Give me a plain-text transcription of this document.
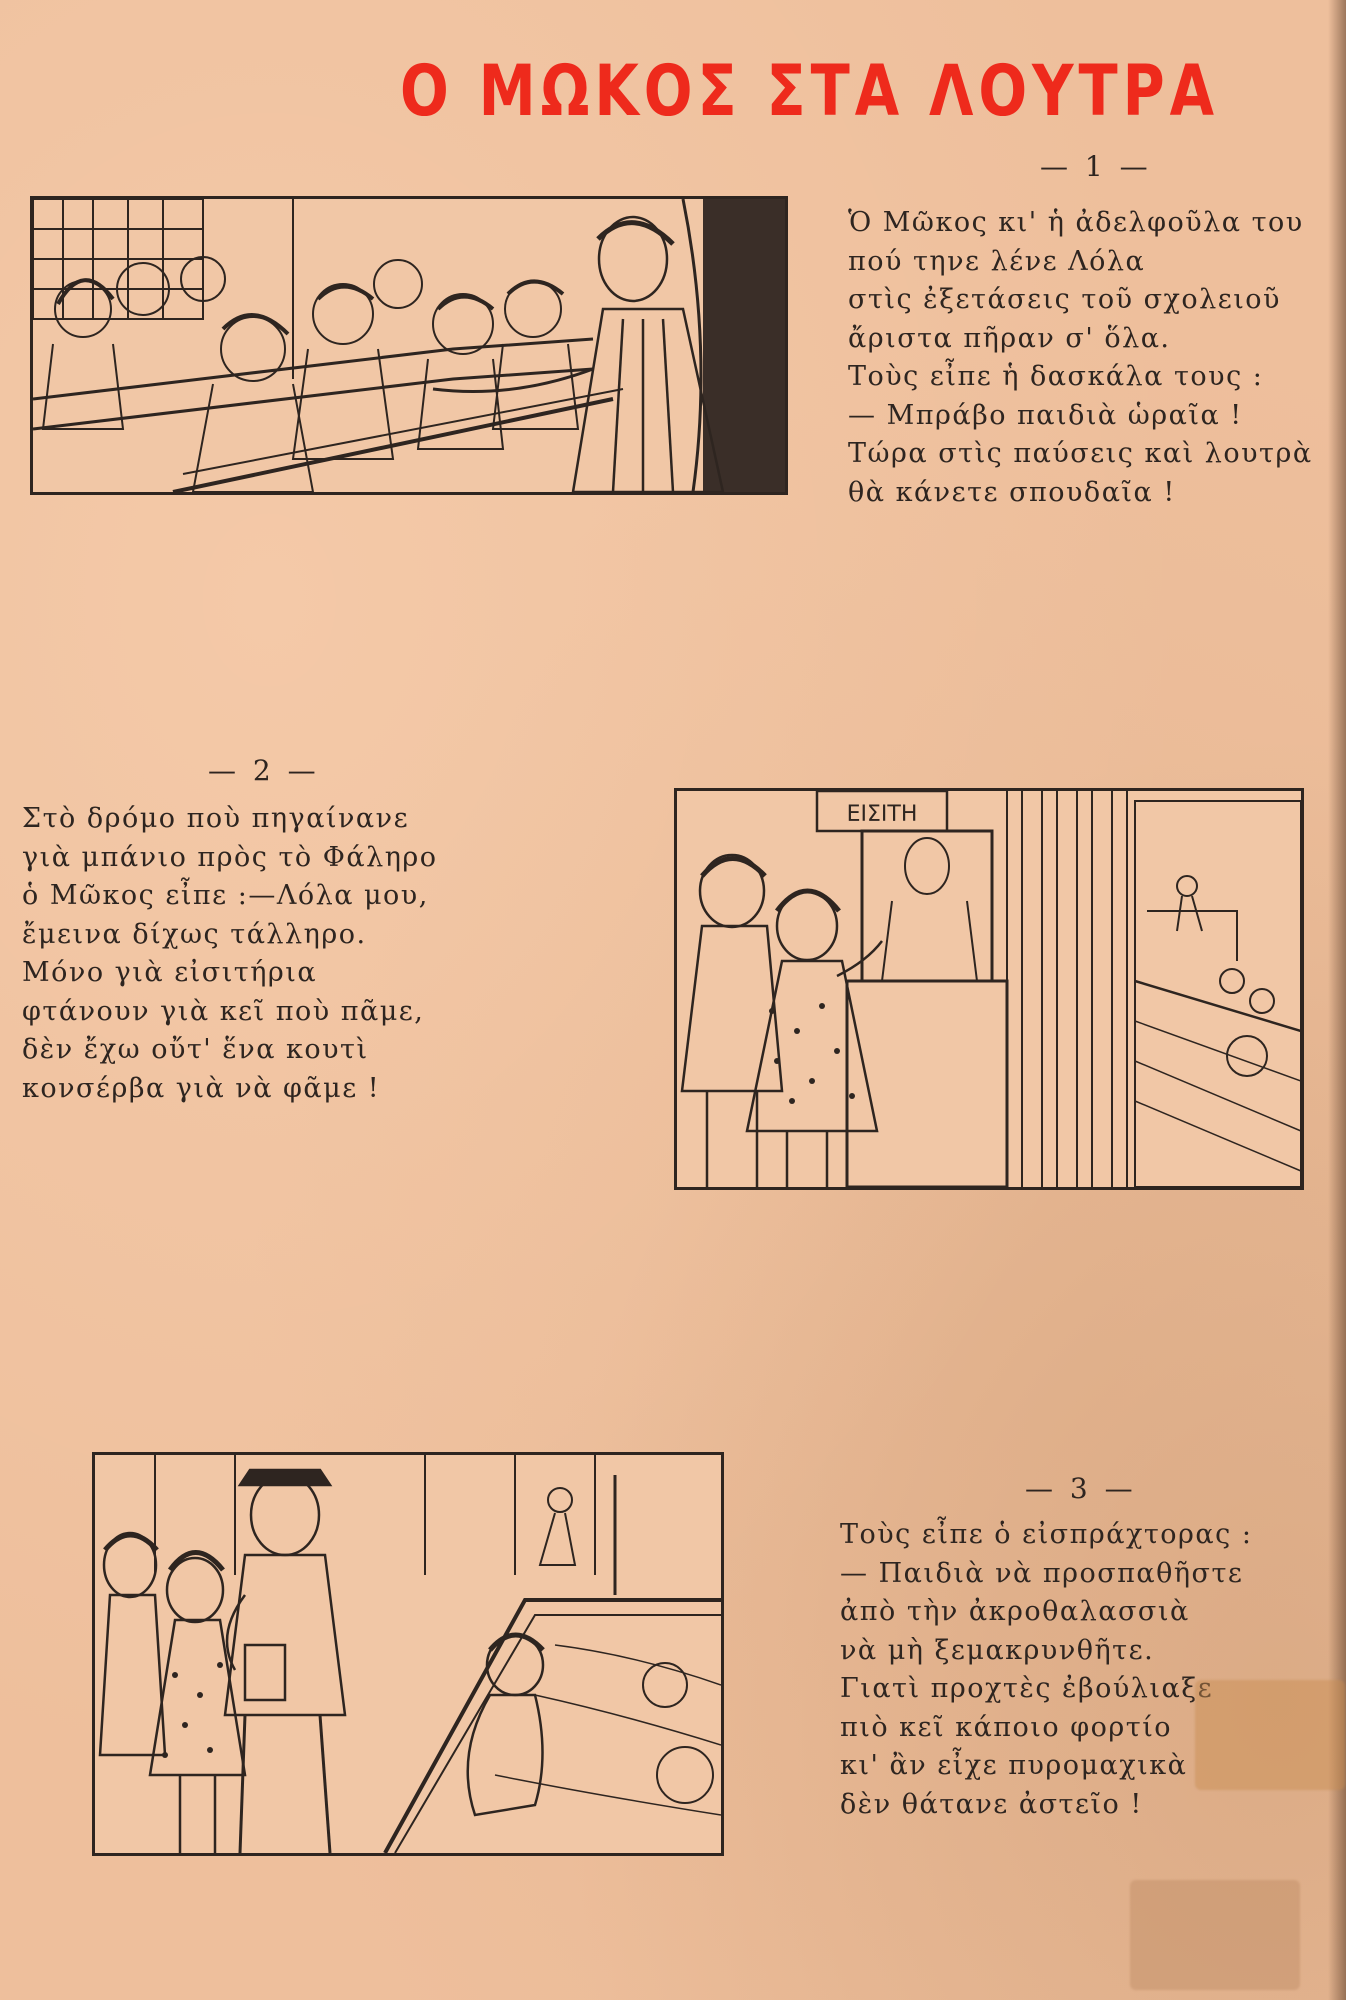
Ο ΜΩΚΟΣ ΣΤΑ ΛΟΥΤΡΑ
— 1 —
Ὁ Μῶκος κι' ἡ ἀδελφοῦλα του
πού τηνε λένε Λόλα
στὶς ἐξετάσεις τοῦ σχολειοῦ
ἄριστα πῆραν σ' ὅλα.
Τοὺς εἶπε ἡ δασκάλα τους :
— Μπράβο παιδιὰ ὡραῖα !
Τώρα στὶς παύσεις καὶ λουτρὰ
θὰ κάνετε σπουδαῖα !
— 2 —
Στὸ δρόμο ποὺ πηγαίνανε
γιὰ μπάνιο πρὸς τὸ Φάληρο
ὁ Μῶκος εἶπε :—Λόλα μου,
ἔμεινα δίχως τάλληρο.
Μόνο γιὰ εἰσιτήρια
φτάνουν γιὰ κεῖ ποὺ πᾶμε,
δὲν ἔχω οὔτ' ἕνα κουτὶ
κονσέρβα γιὰ νὰ φᾶμε !
ΕΙΣΙΤΗ
— 3 —
Τοὺς εἶπε ὁ εἰσπράχτορας :
— Παιδιὰ νὰ προσπαθῆστε
ἀπὸ τὴν ἀκροθαλασσιὰ
νὰ μὴ ξεμακρυνθῆτε.
Γιατὶ προχτὲς ἐβούλιαξε
πιὸ κεῖ κάποιο φορτίο
κι' ἂν εἶχε πυρομαχικὰ
δὲν θάτανε ἀστεῖο !
